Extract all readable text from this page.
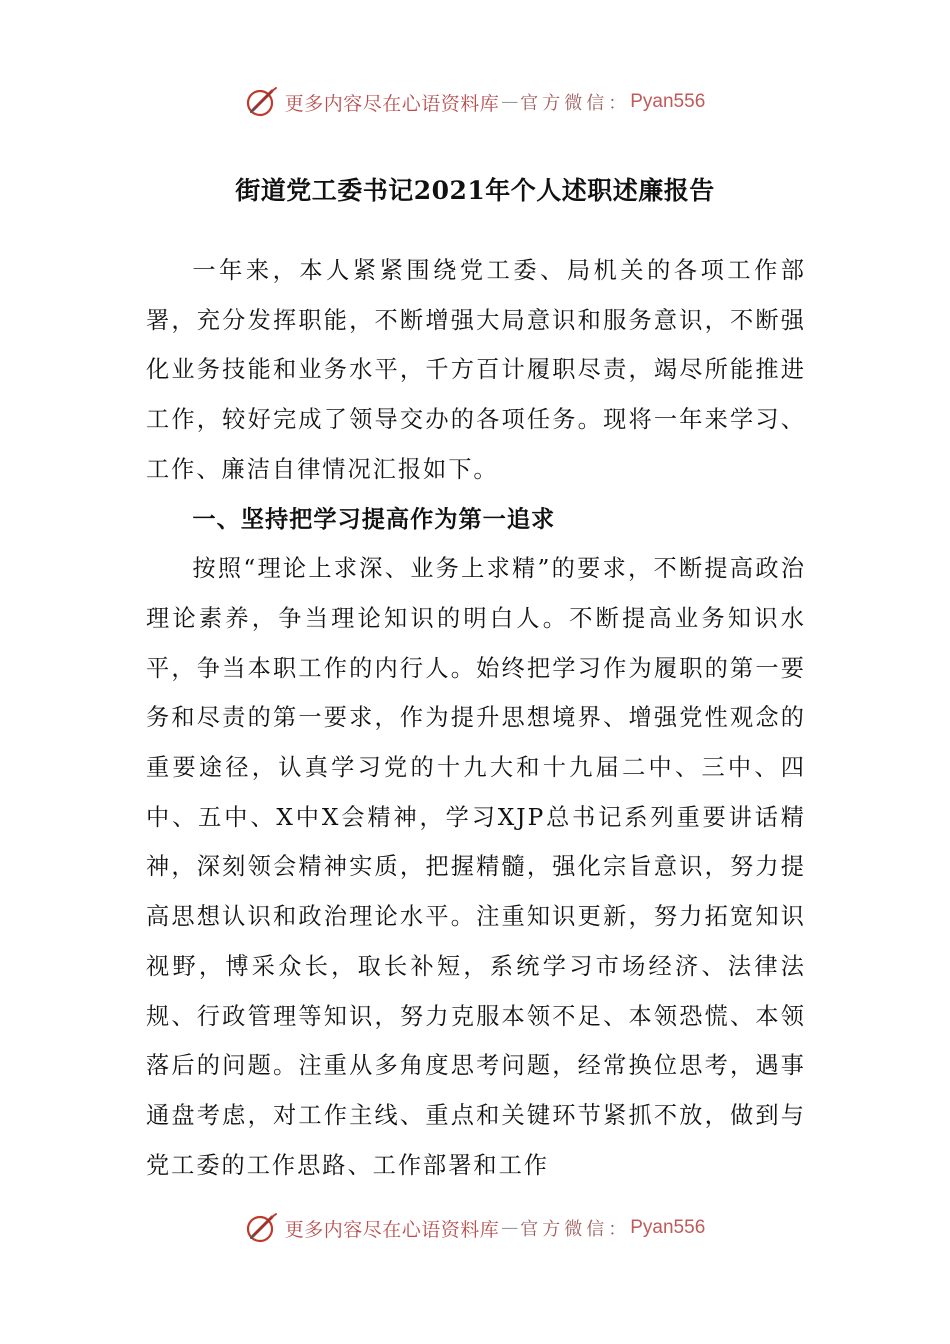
更多内容尽在心语资料库 — 官方微信： Pyan556
街道党工委书记2021年个人述职述廉报告

一年来，本人紧紧围绕党工委、局机关的各项工作部署，充分发挥职能，不断增强大局意识和服务意识，不断强化业务技能和业务水平，千方百计履职尽责，竭尽所能推进工作，较好完成了领导交办的各项任务。现将一年来学习、工作、廉洁自律情况汇报如下。

一、坚持把学习提高作为第一追求

按照“理论上求深、业务上求精”的要求，不断提高政治理论素养，争当理论知识的明白人。不断提高业务知识水平，争当本职工作的内行人。始终把学习作为履职的第一要务和尽责的第一要求，作为提升思想境界、增强党性观念的重要途径，认真学习党的十九大和十九届二中、三中、四中、五中、X中X会精神，学习XJP总书记系列重要讲话精神，深刻领会精神实质，把握精髓，强化宗旨意识，努力提高思想认识和政治理论水平。注重知识更新，努力拓宽知识视野，博采众长，取长补短，系统学习市场经济、法律法规、行政管理等知识，努力克服本领不足、本领恐慌、本领落后的问题。注重从多角度思考问题，经常换位思考，遇事通盘考虑，对工作主线、重点和关键环节紧抓不放，做到与党工委的工作思路、工作部署和工作

更多内容尽在心语资料库 — 官方微信： Pyan556
